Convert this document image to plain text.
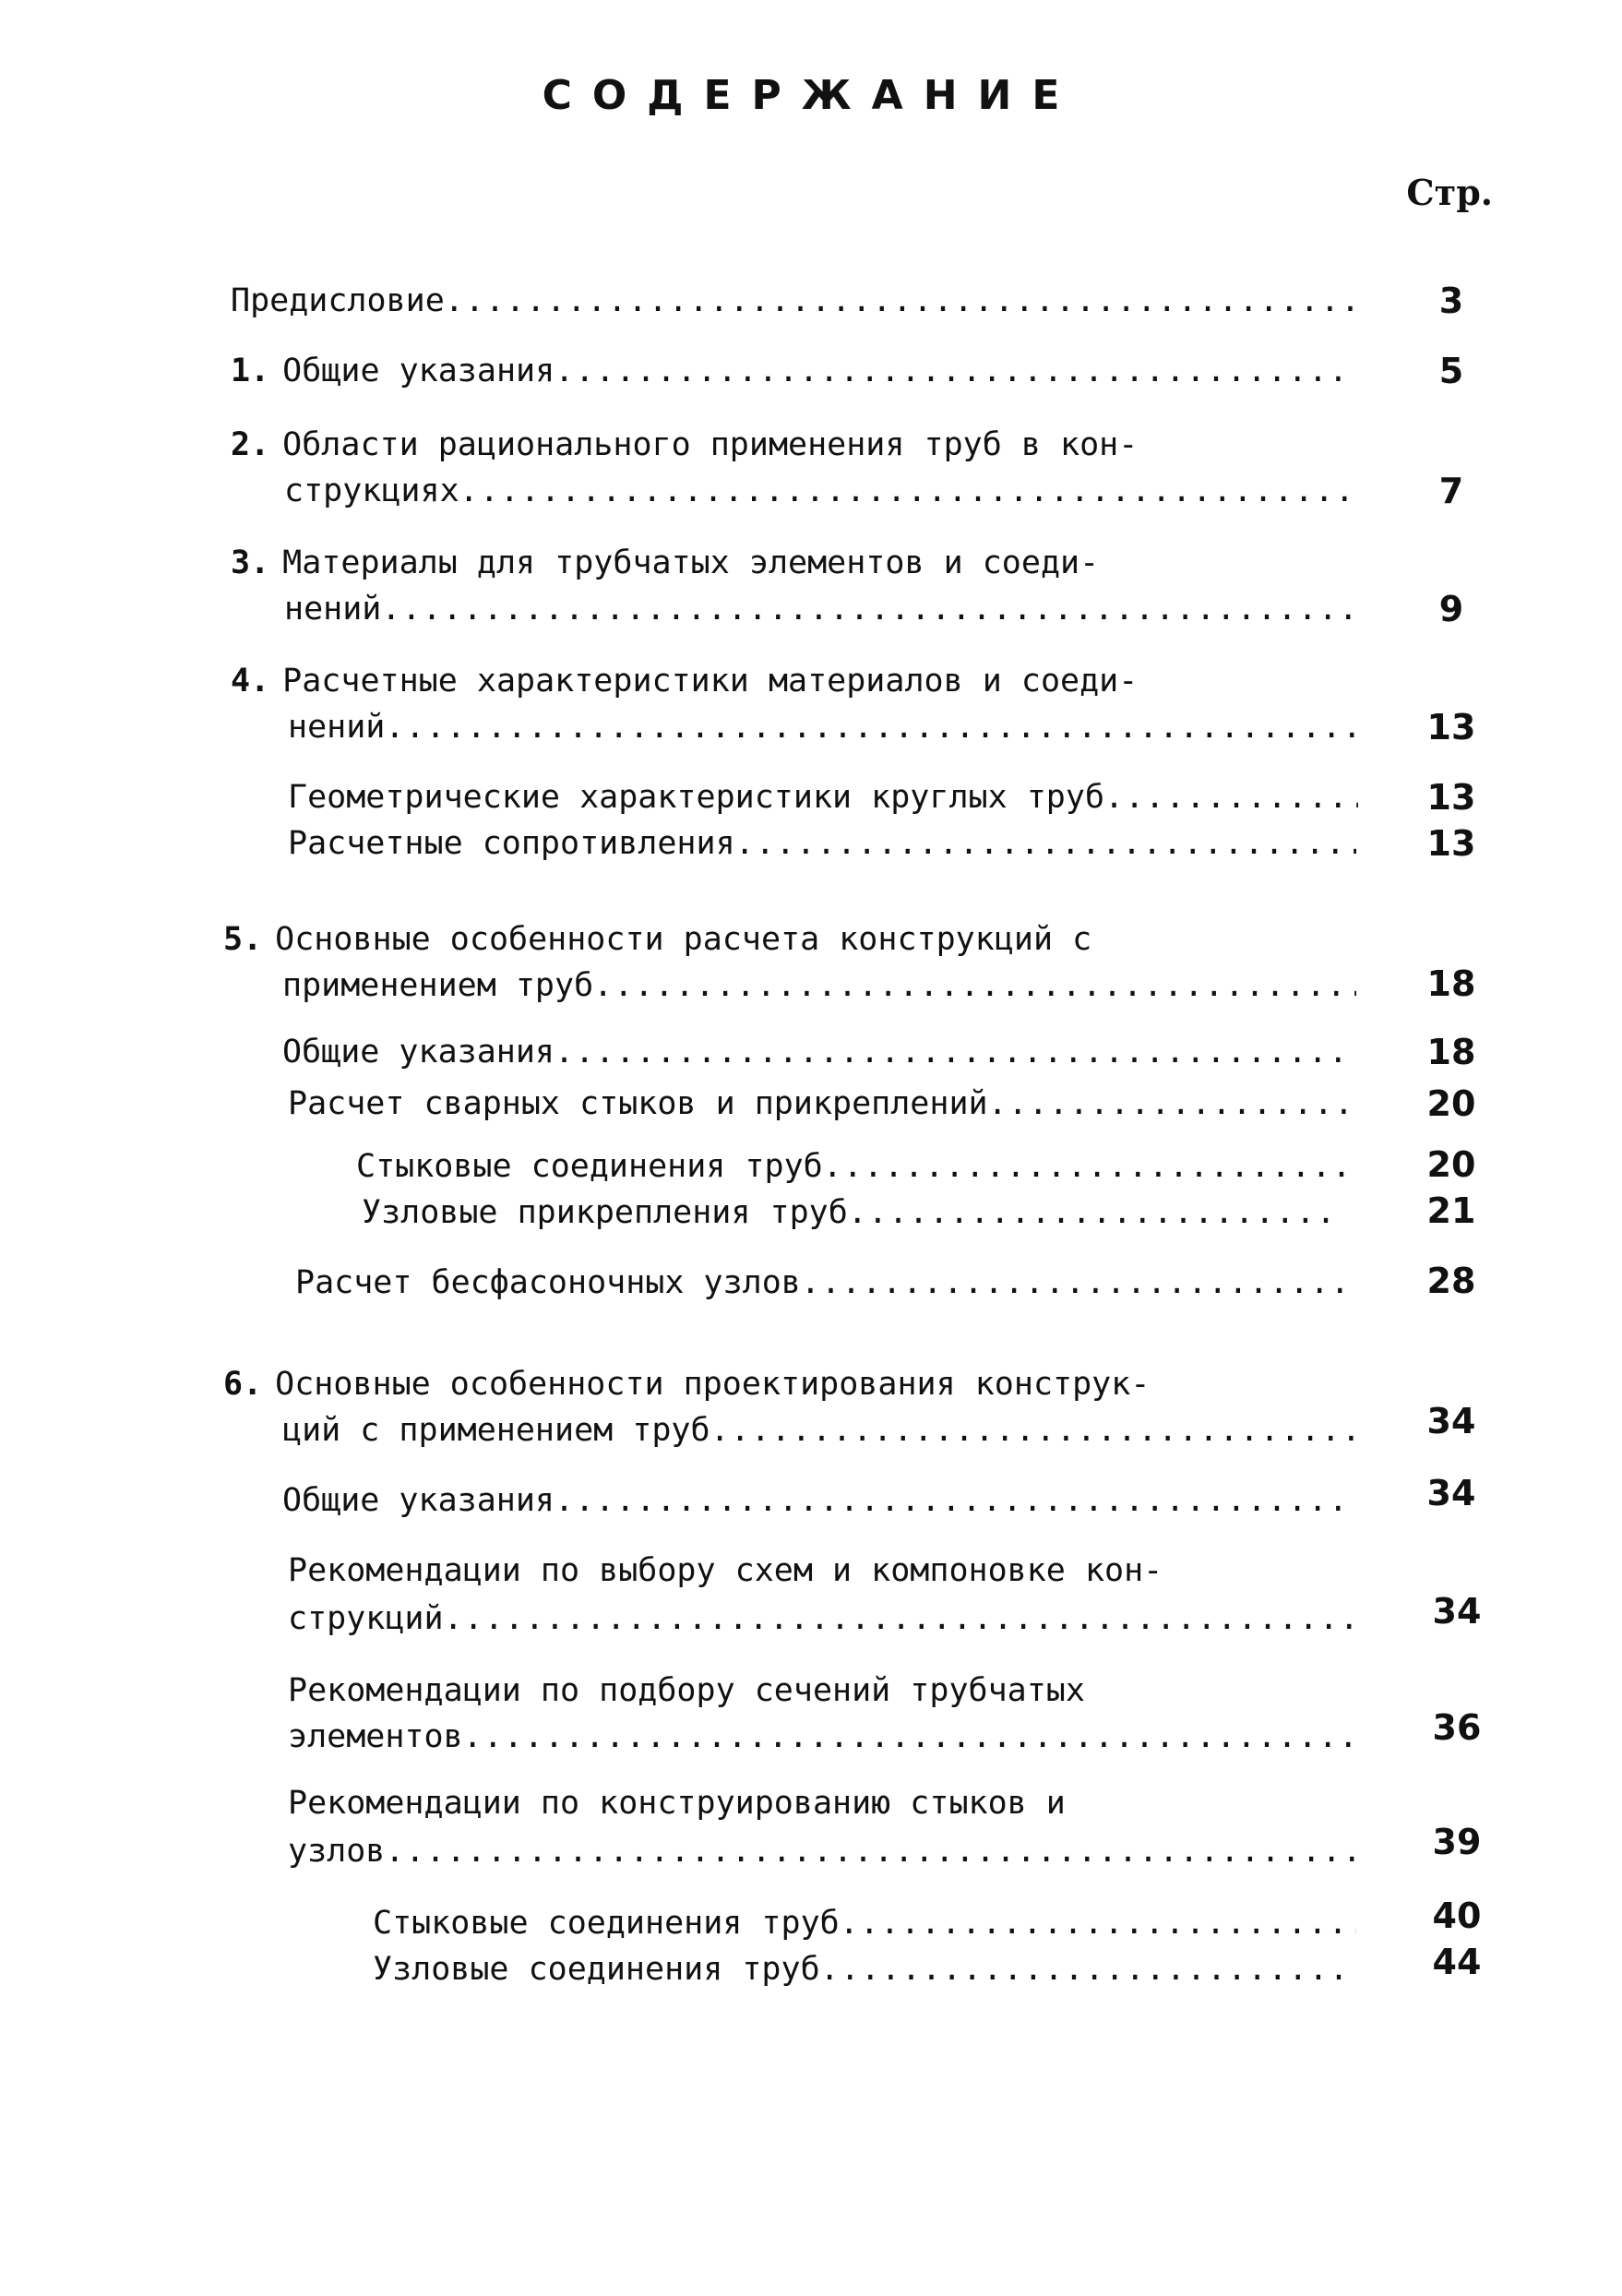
СОДЕРЖАНИЕ
Стр.
Предисловие .....	3
1. Общие указания .....	5
2. Области рационального применения труб в кон-
струкциях .....	7
3. Материалы для трубчатых элементов и соеди-
нений .....	9
4. Расчетные характеристики материалов и соеди-
нений .....	13
Геометрические характеристики круглых труб .....	13
Расчетные сопротивления .....	13
5. Основные особенности расчета конструкций с
применением труб .....	18
Общие указания .....	18
Расчет сварных стыков и прикреплений .....	20
Стыковые соединения труб .....	20
Узловые прикрепления труб .....	21
Расчет бесфасоночных узлов .....	28
6. Основные особенности проектирования конструк-
ций с применением труб .....	34
Общие указания .....	34
Рекомендации по выбору схем и компоновке кон-
струкций .....	34
Рекомендации по подбору сечений трубчатых
элементов .....	36
Рекомендации по конструированию стыков и
узлов .....	39
Стыковые соединения труб .....	40
Узловые соединения труб .....	44
